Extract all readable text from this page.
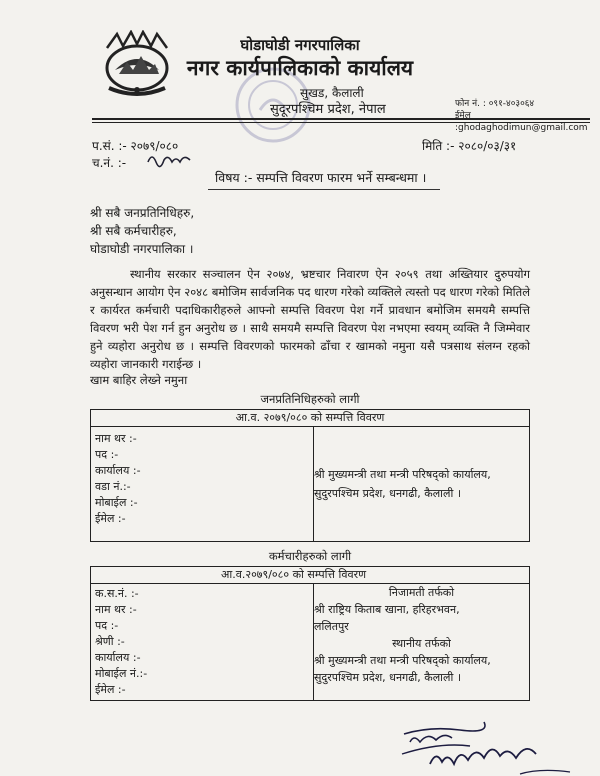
घोडाघोडी नगरपालिका
नगर कार्यपालिकाको कार्यालय
सुखड, कैलाली
सुदूरपश्चिम प्रदेश, नेपाल	फोन नं. : ०९१-४०३०६४
ईमेल :ghodaghodimun@gmail.com
प.सं. :- २०७९/०८०
च.नं. :-
मिति :- २०८०/०३/३१
विषय :- सम्पत्ति विवरण फारम भर्ने सम्बन्धमा ।
श्री सबै जनप्रतिनिधिहरु,
श्री सबै कर्मचारीहरु,
घोडाघोडी नगरपालिका ।
स्थानीय सरकार सञ्चालन ऐन २०७४, भ्रष्टचार निवारण ऐन २०५९ तथा अख्तियार दुरुपयोग अनुसन्धान आयोग ऐन २०४८ बमोजिम सार्वजनिक पद धारण गरेको व्यक्तिले त्यस्तो पद धारण गरेको मितिले र कार्यरत कर्मचारी पदाधिकारीहरुले आफ्नो सम्पत्ति विवरण पेश गर्ने प्रावधान बमोजिम समयमै सम्पत्ति विवरण भरी पेश गर्न हुन अनुरोध छ । साथै समयमै सम्पत्ति विवरण पेश नभएमा स्वयम् व्यक्ति नै जिम्मेवार हुने व्यहोरा अनुरोध छ । सम्पत्ति विवरणको फारमको ढाँचा र खामको नमुना यसै पत्रसाथ संलग्न रहको व्यहोरा जानकारी गराईन्छ ।
खाम बाहिर लेख्ने नमुना
जनप्रतिनिधिहरुको लागी
आ.व. २०७९/०८० को सम्पत्ति विवरण

नाम थर :-
पद :-
कार्यालय :-
वडा नं.:-
मोबाईल :-
ईमेल :-

श्री मुख्यमन्त्री तथा मन्त्री परिषद्को कार्यालय,
सुदुरपश्चिम प्रदेश, धनगढी, कैलाली ।
कर्मचारीहरुको लागी
आ.व.२०७९/०८० को सम्पत्ति विवरण

क.स.नं. :-
नाम थर :-
पद :-
श्रेणी :-
कार्यालय :-
मोबाईल नं.:-
ईमेल :-

निजामती तर्फको
श्री राष्ट्रिय किताब खाना, हरिहरभवन,
ललितपुर
स्थानीय तर्फको
श्री मुख्यमन्त्री तथा मन्त्री परिषद्को कार्यालय,
सुदुरपश्चिम प्रदेश, धनगढी, कैलाली ।
